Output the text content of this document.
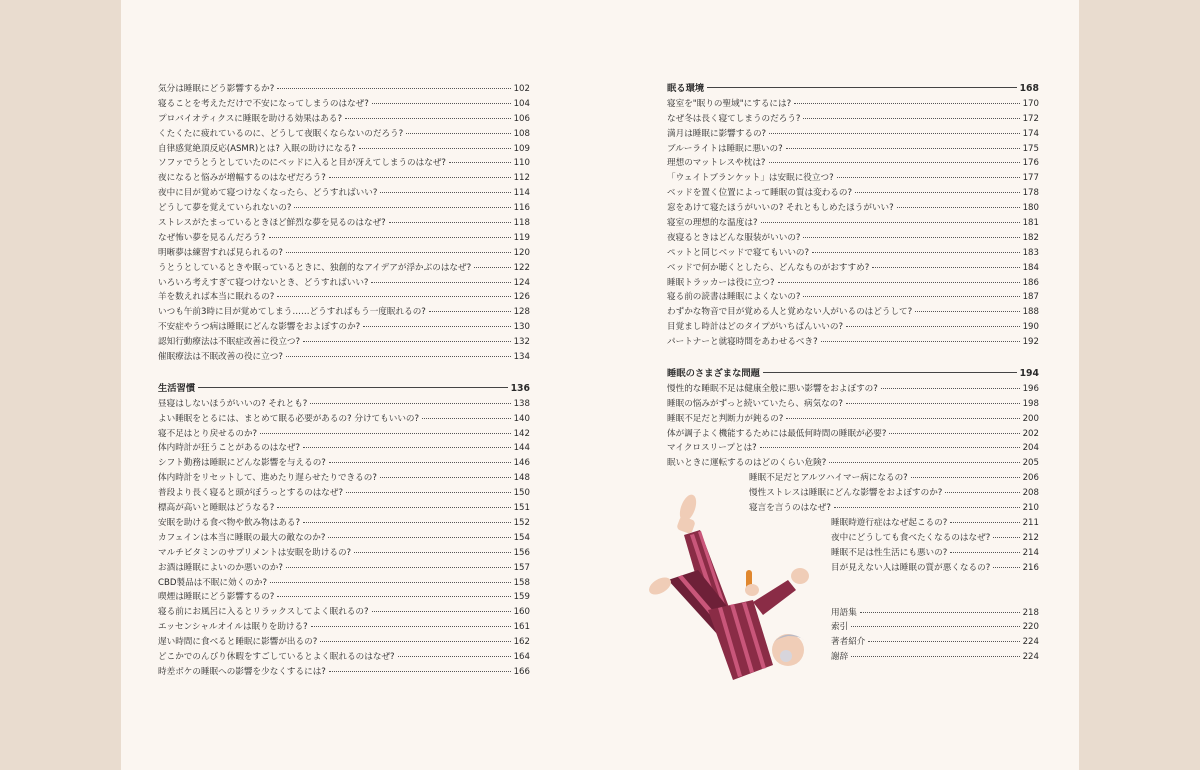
気分は睡眠にどう影響するか?	102
寝ることを考えただけで不安になってしまうのはなぜ?	104
プロバイオティクスに睡眠を助ける効果はある?	106
くたくたに疲れているのに、どうして夜眠くならないのだろう?	108
自律感覚絶頂反応(ASMR)とは? 入眠の助けになる?	109
ソファでうとうとしていたのにベッドに入ると目が冴えてしまうのはなぜ?	110
夜になると悩みが増幅するのはなぜだろう?	112
夜中に目が覚めて寝つけなくなったら、どうすればいい?	114
どうして夢を覚えていられないの?	116
ストレスがたまっているときほど鮮烈な夢を見るのはなぜ?	118
なぜ怖い夢を見るんだろう?	119
明晰夢は練習すれば見られるの?	120
うとうとしているときや眠っているときに、独創的なアイデアが浮かぶのはなぜ?	122
いろいろ考えすぎて寝つけないとき、どうすればいい?	124
羊を数えれば本当に眠れるの?	126
いつも午前3時に目が覚めてしまう……どうすればもう一度眠れるの?	128
不安症やうつ病は睡眠にどんな影響をおよぼすのか?	130
認知行動療法は不眠症改善に役立つ?	132
催眠療法は不眠改善の役に立つ?	134
生活習慣	136
昼寝はしないほうがいいの? それとも?	138
よい睡眠をとるには、まとめて眠る必要があるの? 分けてもいいの?	140
寝不足はとり戻せるのか?	142
体内時計が狂うことがあるのはなぜ?	144
シフト勤務は睡眠にどんな影響を与えるの?	146
体内時計をリセットして、進めたり遅らせたりできるの?	148
普段より長く寝ると頭がぼうっとするのはなぜ?	150
標高が高いと睡眠はどうなる?	151
安眠を助ける食べ物や飲み物はある?	152
カフェインは本当に睡眠の最大の敵なのか?	154
マルチビタミンのサプリメントは安眠を助けるの?	156
お酒は睡眠によいのか悪いのか?	157
CBD製品は不眠に効くのか?	158
喫煙は睡眠にどう影響するの?	159
寝る前にお風呂に入るとリラックスしてよく眠れるの?	160
エッセンシャルオイルは眠りを助ける?	161
遅い時間に食べると睡眠に影響が出るの?	162
どこかでのんびり休暇をすごしているとよく眠れるのはなぜ?	164
時差ボケの睡眠への影響を少なくするには?	166
眠る環境	168
寝室を"眠りの聖域"にするには?	170
なぜ冬は長く寝てしまうのだろう?	172
満月は睡眠に影響するの?	174
ブルーライトは睡眠に悪いの?	175
理想のマットレスや枕は?	176
「ウェイトブランケット」は安眠に役立つ?	177
ベッドを置く位置によって睡眠の質は変わるの?	178
窓をあけて寝たほうがいいの? それともしめたほうがいい?	180
寝室の理想的な温度は?	181
夜寝るときはどんな服装がいいの?	182
ペットと同じベッドで寝てもいいの?	183
ベッドで何か聴くとしたら、どんなものがおすすめ?	184
睡眠トラッカーは役に立つ?	186
寝る前の読書は睡眠によくないの?	187
わずかな物音で目が覚める人と覚めない人がいるのはどうして?	188
目覚まし時計はどのタイプがいちばんいいの?	190
パートナーと就寝時間をあわせるべき?	192
睡眠のさまざまな問題	194
慢性的な睡眠不足は健康全般に悪い影響をおよぼすの?	196
睡眠の悩みがずっと続いていたら、病気なの?	198
睡眠不足だと判断力が鈍るの?	200
体が調子よく機能するためには最低何時間の睡眠が必要?	202
マイクロスリープとは?	204
眠いときに運転するのはどのくらい危険?	205
睡眠不足だとアルツハイマー病になるの?	206
慢性ストレスは睡眠にどんな影響をおよぼすのか?	208
寝言を言うのはなぜ?	210
睡眠時遊行症はなぜ起こるの?	211
夜中にどうしても食べたくなるのはなぜ?	212
睡眠不足は性生活にも悪いの?	214
目が見えない人は睡眠の質が悪くなるの?	216
用語集	218
索引	220
著者紹介	224
謝辞	224
